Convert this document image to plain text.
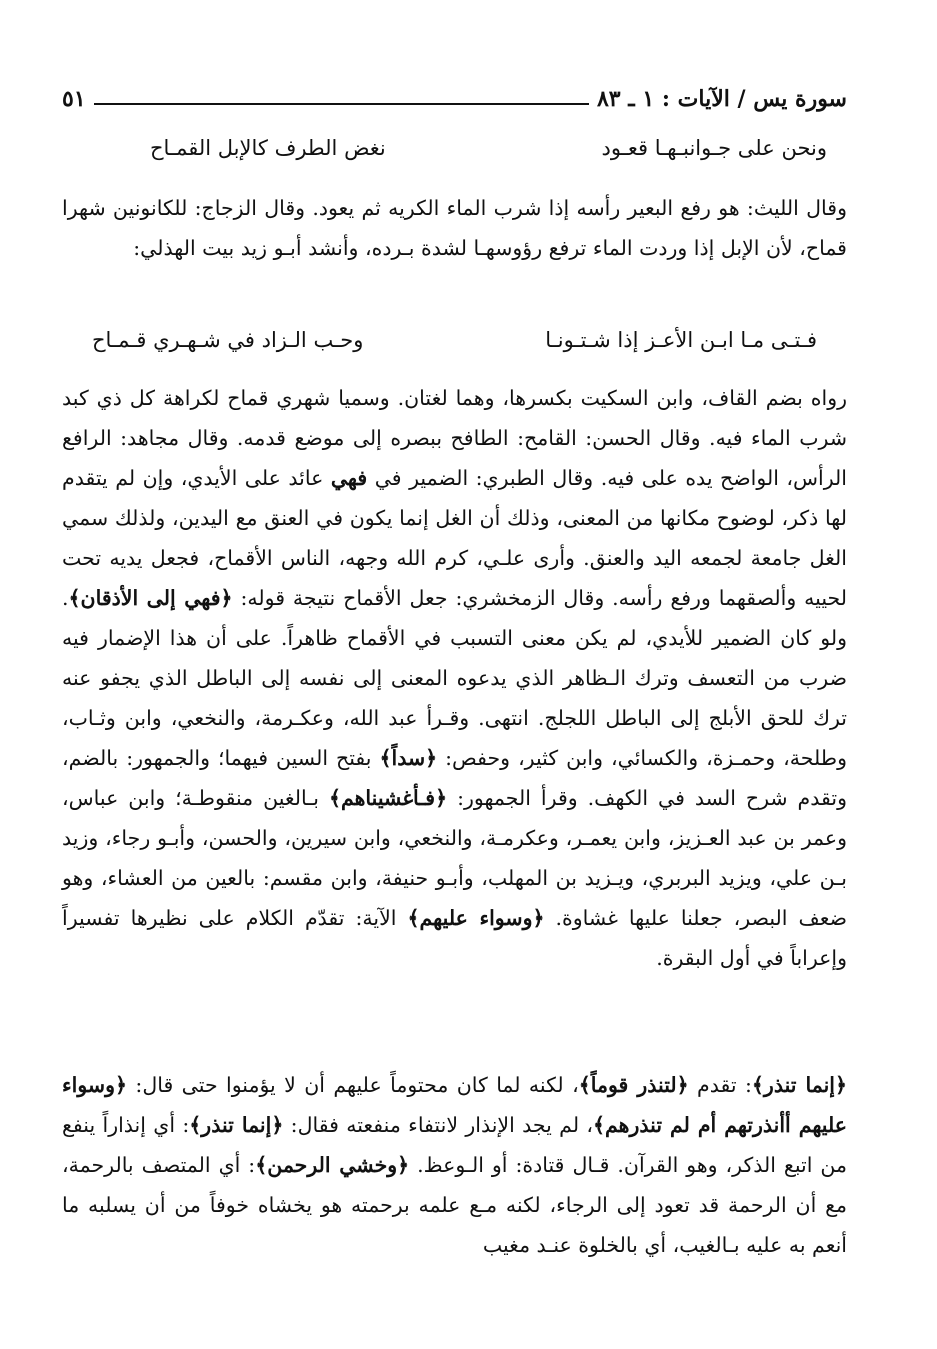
سورة يس / الآيات : ١ ـ ٨٣
٥١
ونحن على جـوانبـهـا قعـود
نغض الطرف كالإبل القمـاح
وقال الليث: هو رفع البعير رأسه إذا شرب الماء الكريه ثم يعود. وقال الزجاج: للكانونين شهرا قماح، لأن الإبل إذا وردت الماء ترفع رؤوسهـا لشدة بـرده، وأنشد أبـو زيد بيت الهذلي:
فـتـى مـا ابـن الأعـز إذا شـتـونـا
وحـب الـزاد في شـهـري قـمـاح
رواه بضم القاف، وابن السكيت بكسرها، وهما لغتان. وسميا شهري قماح لكراهة كل ذي كبد شرب الماء فيه. وقال الحسن: القامح: الطافح ببصره إلى موضع قدمه. وقال مجاهد: الرافع الرأس، الواضح يده على فيه. وقال الطبري: الضمير في فهي عائد على الأيدي، وإن لم يتقدم لها ذكر، لوضوح مكانها من المعنى، وذلك أن الغل إنما يكون في العنق مع اليدين، ولذلك سمي الغل جامعة لجمعه اليد والعنق. وأرى علـي، كرم الله وجهه، الناس الأقماح، فجعل يديه تحت لحييه وألصقهما ورفع رأسه. وقال الزمخشري: جعل الأقماح نتيجة قوله: ﴿فهي إلى الأذقان﴾. ولو كان الضمير للأيدي، لم يكن معنى التسبب في الأقماح ظاهراً. على أن هذا الإضمار فيه ضرب من التعسف وترك الـظاهر الذي يدعوه المعنى إلى نفسه إلى الباطل الذي يجفو عنه ترك للحق الأبلج إلى الباطل اللجلج. انتهى. وقـرأ عبد الله، وعكـرمة، والنخعي، وابن وثـاب، وطلحة، وحمـزة، والكسائي، وابن كثير، وحفص: ﴿سداً﴾ بفتح السين فيهما؛ والجمهور: بالضم، وتقدم شرح السد في الكهف. وقرأ الجمهور: ﴿فـأغشيناهم﴾ بـالغين منقوطـة؛ وابن عباس، وعمر بن عبد العـزيز، وابن يعمـر، وعكرمـة، والنخعي، وابن سيرين، والحسن، وأبـو رجاء، وزيد بـن علي، ويزيد البربري، ويـزيد بن المهلب، وأبـو حنيفة، وابن مقسم: بالعين من العشاء، وهو ضعف البصر، جعلنا عليها غشاوة. ﴿وسواء عليهم﴾ الآية: تقدّم الكلام على نظيرها تفسيراً وإعراباً في أول البقرة.
﴿إنما تنذر﴾: تقدم ﴿لتنذر قوماً﴾، لكنه لما كان محتوماً عليهم أن لا يؤمنوا حتى قال: ﴿وسواء عليهم أأنذرتهم أم لم تنذرهم﴾، لم يجد الإنذار لانتفاء منفعته فقال: ﴿إنما تنذر﴾: أي إنذاراً ينفع من اتبع الذكر، وهو القرآن. قـال قتادة: أو الـوعظ. ﴿وخشي الرحمن﴾: أي المتصف بالرحمة، مع أن الرحمة قد تعود إلى الرجاء، لكنه مـع علمه برحمته هو يخشاه خوفاً من أن يسلبه ما أنعم به عليه بـالغيب، أي بالخلوة عنـد مغيب
